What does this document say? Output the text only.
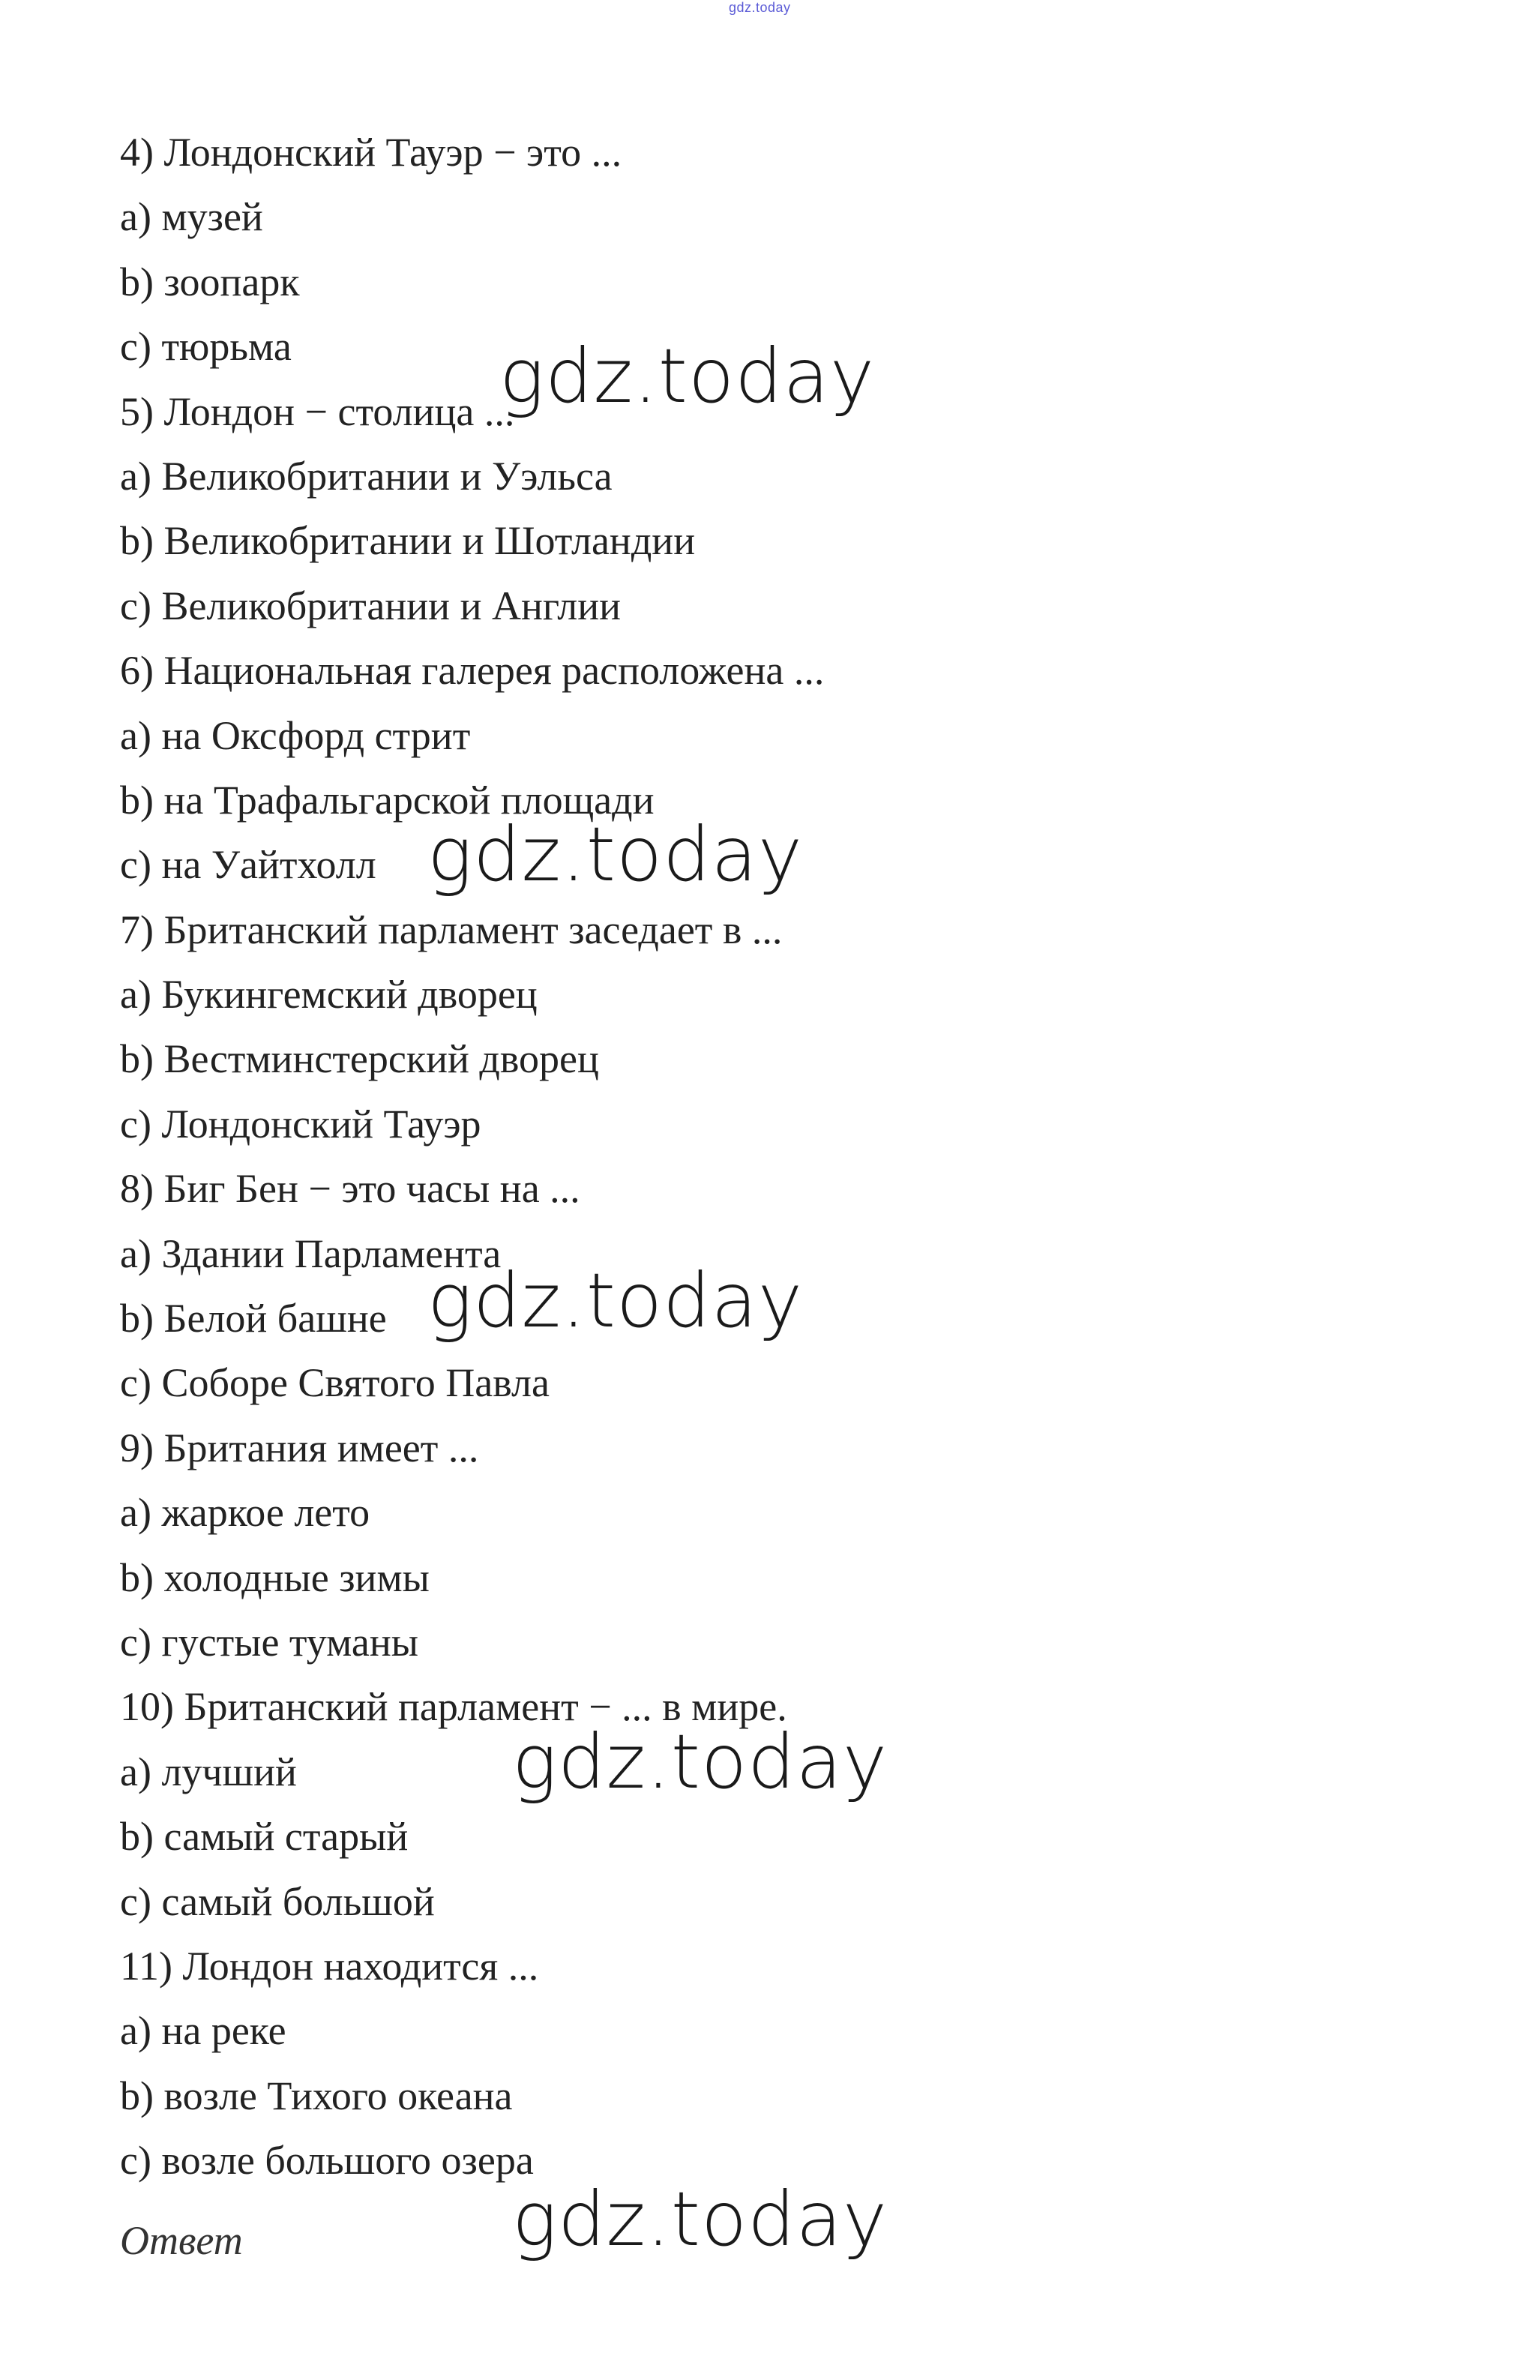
gdz.today
4) Лондонский Тауэр − это ...
a) музей
b) зоопарк
c) тюрьма
5) Лондон − столица ...
a) Великобритании и Уэльса
b) Великобритании и Шотландии
c) Великобритании и Англии
6) Национальная галерея расположена ...
a) на Оксфорд стрит
b) на Трафальгарской площади
c) на Уайтхолл
7) Британский парламент заседает в ...
a) Букингемский дворец
b) Вестминстерский дворец
c) Лондонский Тауэр
8) Биг Бен − это часы на ...
a) Здании Парламента
b) Белой башне
c) Соборе Святого Павла
9) Британия имеет ...
a) жаркое лето
b) холодные зимы
c) густые туманы
10) Британский парламент − ... в мире.
a) лучший
b) самый старый
c) самый большой
11) Лондон находится ...
a) на реке
b) возле Тихого океана
c) возле большого озера
Ответ
gdz.today
gdz.today
gdz.today
gdz.today
gdz.today
